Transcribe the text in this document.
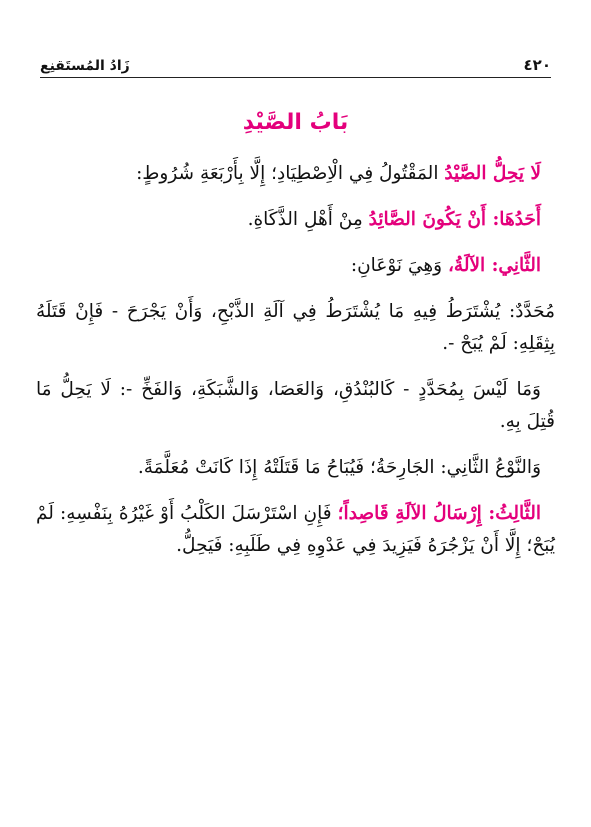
٤٢٠
زَادُ المُستَقنِع
بَابُ الصَّيْدِ

لَا يَحِلُّ الصَّيْدُ المَقْتُولُ فِي الْاِصْطِيَادِ؛ إِلَّا بِأَرْبَعَةِ شُرُوطٍ:

أَحَدُهَا: أَنْ يَكُونَ الصَّائِدُ مِنْ أَهْلِ الذَّكَاةِ.

الثَّانِي: الآلَةُ، وَهِيَ نَوْعَانِ:

مُحَدَّدٌ: يُشْتَرَطُ فِيهِ مَا يُشْتَرَطُ فِي آلَةِ الذَّبْحِ، وَأَنْ يَجْرَحَ - فَإِنْ قَتَلَهُ بِثِقَلِهِ: لَمْ يُبَحْ -.

وَمَا لَيْسَ بِمُحَدَّدٍ - كَالبُنْدُقِ، وَالعَصَا، وَالشَّبَكَةِ، وَالفَخِّ -: لَا يَحِلُّ مَا قُتِلَ بِهِ.

وَالنَّوْعُ الثَّانِي: الجَارِحَةُ؛ فَيُبَاحُ مَا قَتَلَتْهُ إِذَا كَانَتْ مُعَلَّمَةً.

الثَّالِثُ: إِرْسَالُ الآلَةِ قَاصِداً؛ فَإِنِ اسْتَرْسَلَ الكَلْبُ أَوْ غَيْرُهُ بِنَفْسِهِ: لَمْ يُبَحْ؛ إِلَّا أَنْ يَزْجُرَهُ فَيَزِيدَ فِي عَدْوِهِ فِي طَلَبِهِ: فَيَحِلُّ.
